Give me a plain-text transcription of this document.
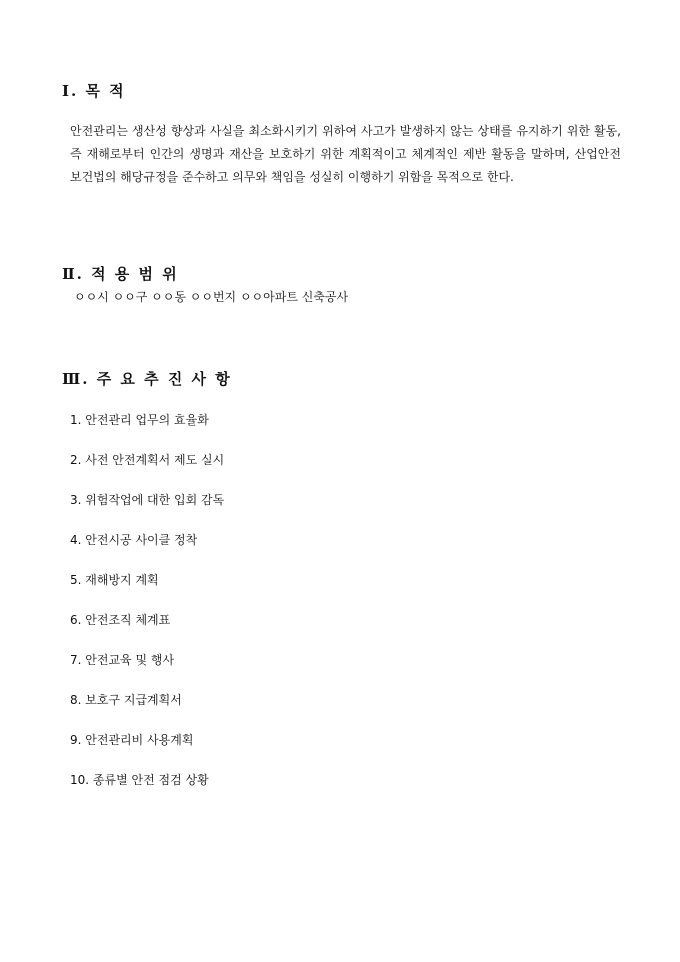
Ⅰ. 목 적

안전관리는 생산성 향상과 사실을 최소화시키기 위하여 사고가 발생하지 않는 상태를 유지하기 위한 활동, 즉 재해로부터 인간의 생명과 재산을 보호하기 위한 계획적이고 체계적인 제반 활동을 말하며, 산업안전 보건법의 해당규정을 준수하고 의무와 책임을 성실히 이행하기 위함을 목적으로 한다.

Ⅱ. 적 용 범 위

ㅇㅇ시 ㅇㅇ구 ㅇㅇ동 ㅇㅇ번지 ㅇㅇ아파트 신축공사

Ⅲ. 주 요 추 진 사 항
1. 안전관리 업무의 효율화
2. 사전 안전계획서 제도 실시
3. 위험작업에 대한 입회 감독
4. 안전시공 사이클 정착
5. 재해방지 계획
6. 안전조직 체계표
7. 안전교육 및 행사
8. 보호구 지급계획서
9. 안전관리비 사용계획
10. 종류별 안전 점검 상황
